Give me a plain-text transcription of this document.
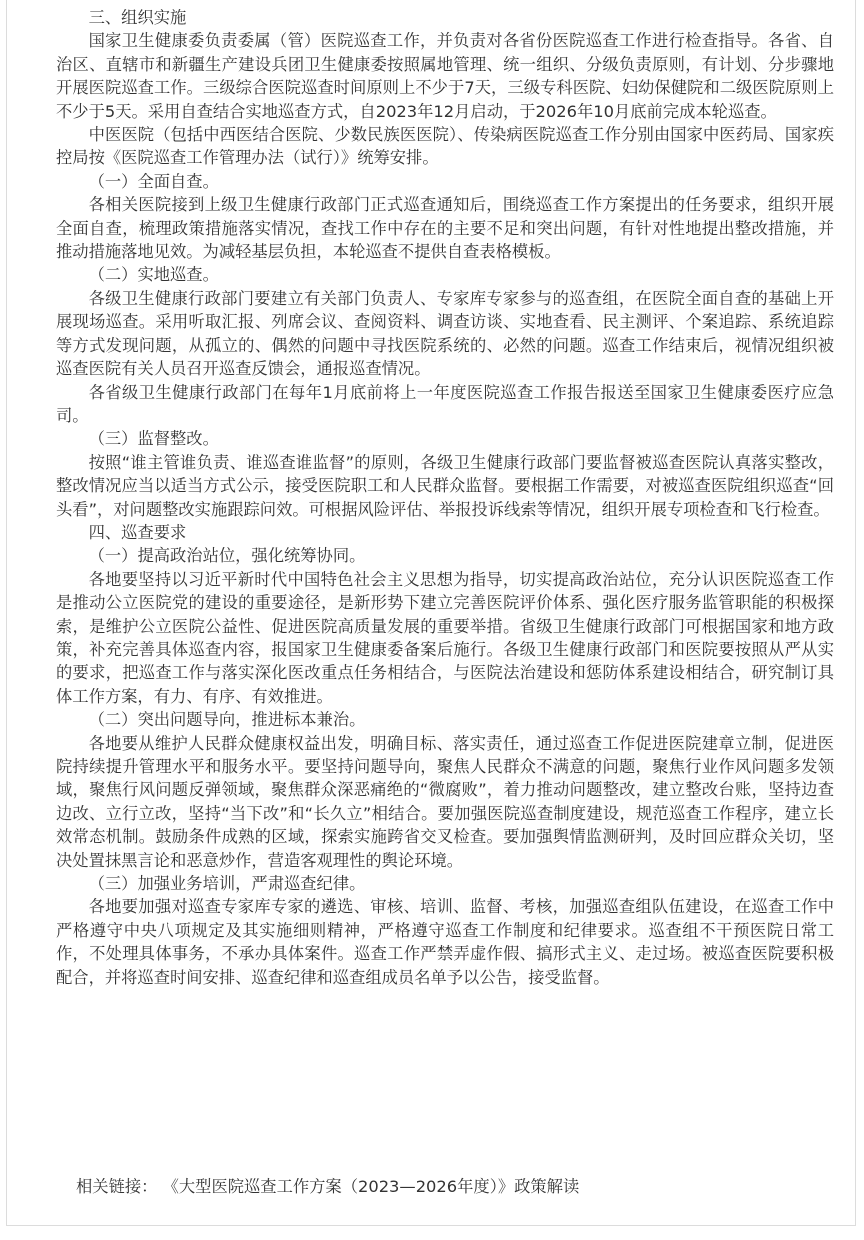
三、组织实施

国家卫生健康委负责委属（管）医院巡查工作，并负责对各省份医院巡查工作进行检查指导。各省、自治区、直辖市和新疆生产建设兵团卫生健康委按照属地管理、统一组织、分级负责原则，有计划、分步骤地开展医院巡查工作。三级综合医院巡查时间原则上不少于7天，三级专科医院、妇幼保健院和二级医院原则上不少于5天。采用自查结合实地巡查方式，自2023年12月启动，于2026年10月底前完成本轮巡查。

中医医院（包括中西医结合医院、少数民族医医院）、传染病医院巡查工作分别由国家中医药局、国家疾控局按《医院巡查工作管理办法（试行）》统筹安排。

（一）全面自查。

各相关医院接到上级卫生健康行政部门正式巡查通知后，围绕巡查工作方案提出的任务要求，组织开展全面自查，梳理政策措施落实情况，查找工作中存在的主要不足和突出问题，有针对性地提出整改措施，并推动措施落地见效。为减轻基层负担，本轮巡查不提供自查表格模板。

（二）实地巡查。

各级卫生健康行政部门要建立有关部门负责人、专家库专家参与的巡查组，在医院全面自查的基础上开展现场巡查。采用听取汇报、列席会议、查阅资料、调查访谈、实地查看、民主测评、个案追踪、系统追踪等方式发现问题，从孤立的、偶然的问题中寻找医院系统的、必然的问题。巡查工作结束后，视情况组织被巡查医院有关人员召开巡查反馈会，通报巡查情况。

各省级卫生健康行政部门在每年1月底前将上一年度医院巡查工作报告报送至国家卫生健康委医疗应急司。

（三）监督整改。

按照“谁主管谁负责、谁巡查谁监督”的原则，各级卫生健康行政部门要监督被巡查医院认真落实整改，整改情况应当以适当方式公示，接受医院职工和人民群众监督。要根据工作需要，对被巡查医院组织巡查“回头看”，对问题整改实施跟踪问效。可根据风险评估、举报投诉线索等情况，组织开展专项检查和飞行检查。

四、巡查要求

（一）提高政治站位，强化统筹协同。

各地要坚持以习近平新时代中国特色社会主义思想为指导，切实提高政治站位，充分认识医院巡查工作是推动公立医院党的建设的重要途径，是新形势下建立完善医院评价体系、强化医疗服务监管职能的积极探索，是维护公立医院公益性、促进医院高质量发展的重要举措。省级卫生健康行政部门可根据国家和地方政策，补充完善具体巡查内容，报国家卫生健康委备案后施行。各级卫生健康行政部门和医院要按照从严从实的要求，把巡查工作与落实深化医改重点任务相结合，与医院法治建设和惩防体系建设相结合，研究制订具体工作方案，有力、有序、有效推进。

（二）突出问题导向，推进标本兼治。

各地要从维护人民群众健康权益出发，明确目标、落实责任，通过巡查工作促进医院建章立制，促进医院持续提升管理水平和服务水平。要坚持问题导向，聚焦人民群众不满意的问题，聚焦行业作风问题多发领域，聚焦行风问题反弹领域，聚焦群众深恶痛绝的“微腐败”，着力推动问题整改，建立整改台账，坚持边查边改、立行立改，坚持“当下改”和“长久立”相结合。要加强医院巡查制度建设，规范巡查工作程序，建立长效常态机制。鼓励条件成熟的区域，探索实施跨省交叉检查。要加强舆情监测研判，及时回应群众关切，坚决处置抹黑言论和恶意炒作，营造客观理性的舆论环境。

（三）加强业务培训，严肃巡查纪律。

各地要加强对巡查专家库专家的遴选、审核、培训、监督、考核，加强巡查组队伍建设，在巡查工作中严格遵守中央八项规定及其实施细则精神，严格遵守巡查工作制度和纪律要求。巡查组不干预医院日常工作，不处理具体事务，不承办具体案件。巡查工作严禁弄虚作假、搞形式主义、走过场。被巡查医院要积极配合，并将巡查时间安排、巡查纪律和巡查组成员名单予以公告，接受监督。

相关链接： 《大型医院巡查工作方案（2023—2026年度）》政策解读
